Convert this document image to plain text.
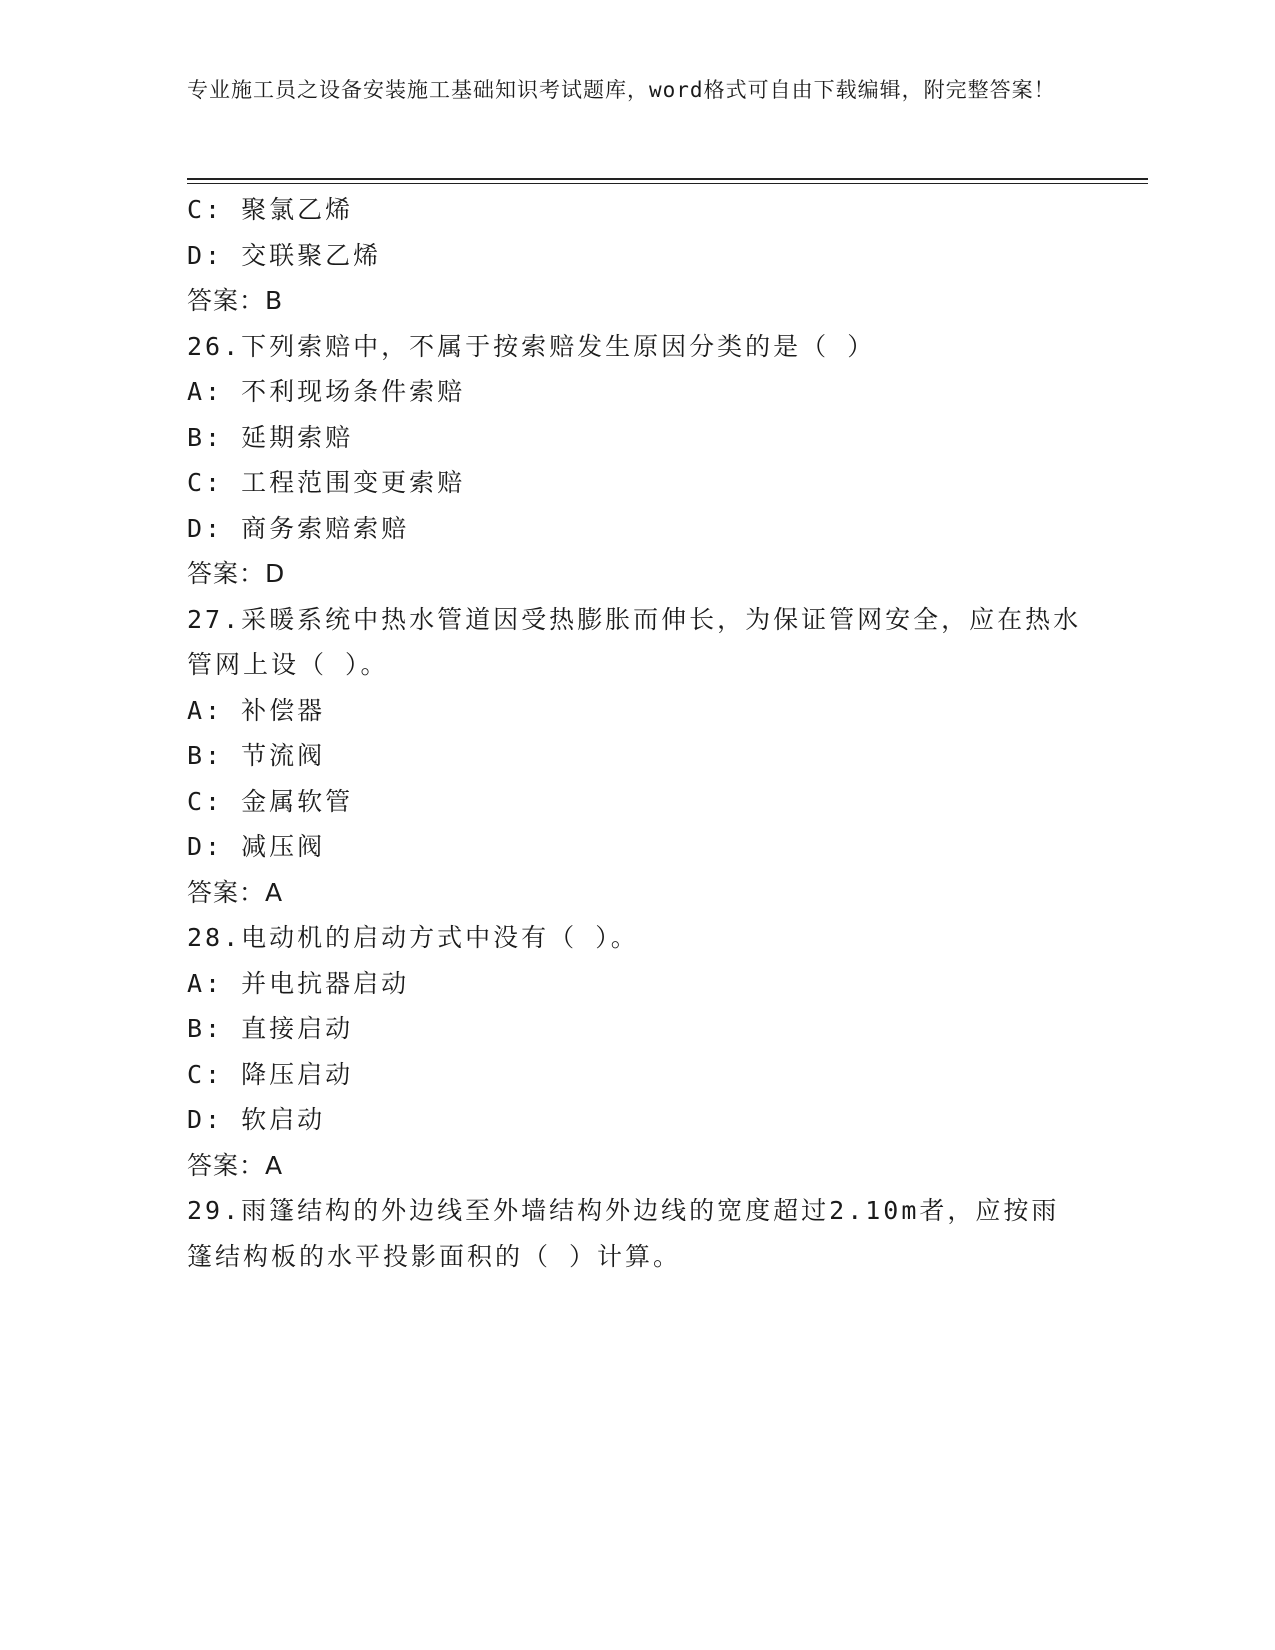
专业施工员之设备安装施工基础知识考试题库，word格式可自由下载编辑，附完整答案！
C: 聚氯乙烯
D: 交联聚乙烯
答案：B
26.下列索赔中，不属于按索赔发生原因分类的是（ ）
A: 不利现场条件索赔
B: 延期索赔
C: 工程范围变更索赔
D: 商务索赔索赔
答案：D
27.采暖系统中热水管道因受热膨胀而伸长，为保证管网安全，应在热水管网上设（ ）。
A: 补偿器
B: 节流阀
C: 金属软管
D: 减压阀
答案：A
28.电动机的启动方式中没有（ ）。
A: 并电抗器启动
B: 直接启动
C: 降压启动
D: 软启动
答案：A
29.雨篷结构的外边线至外墙结构外边线的宽度超过2.10m者，应按雨篷结构板的水平投影面积的（ ）计算。
